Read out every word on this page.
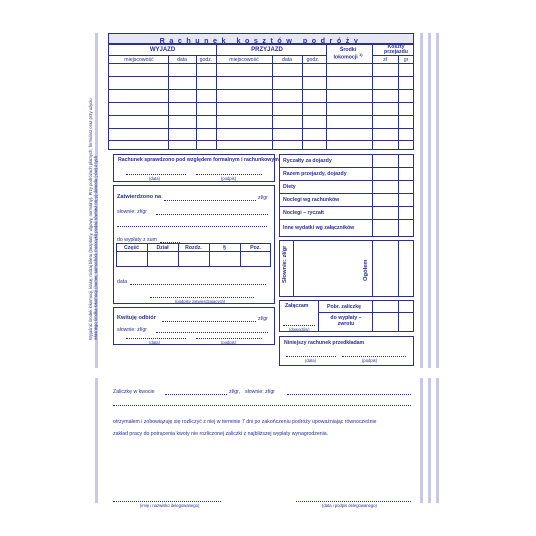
Wyjaśnić środek lokomocji, klasę, rodzaj biletu (bezpłatny, ulgowy, normalny). Przy podróżach płatnych, formularz oraz przy użyciu własnego środka lokomocji (numer, samochód, motocykl) podać również nr(-y) dowodu (-ów) z tych
Rachunek kosztów podróży
WYJAZD	PRZYJAZD	Środki lokomocji $^{1)}$
Koszty przejazdu
miejscowość	data	godz.	miejscowość	data	godz.	zł	gr
Rachunek sprawdzono pod względem formalnym i rachunkowym
(data)	(podpis)
Zatwierdzono na	zł/gr
słownie: zł/gr
do wypłaty z sum
Część	Dział	Rozdz.	§	Poz.
data
(podpisy zatwierdzających)
Kwituję odbiór	zł/gr
słownie: zł/gr
(data)	(podpis)
Ryczałty za dojazdy
Razem przejazdy, dojazdy
Diety
Noclegi wg rachunków
Noclegi – ryczałt
Inne wydatki wg załączników
Słownie: zł/gr	Ogółem
Załączam
(dowodów)
Pobr. zaliczkę
do wypłaty – zwrotu
Niniejszy rachunek przedkładam
(data)	(podpis)
Zaliczkę w kwocie	zł/gr, słownie: zł/gr
otrzymałem i zobowiązuję się rozliczyć z niej w terminie 7 dni po zakończeniu podróży upoważniając równocześnie
zakład pracy do potrącenia kwoty nie rozliczonej zaliczki z najbliższej wypłaty wynagrodzenia.
(imię i nazwisko delegowanego)	(data i podpis delegowanego)
